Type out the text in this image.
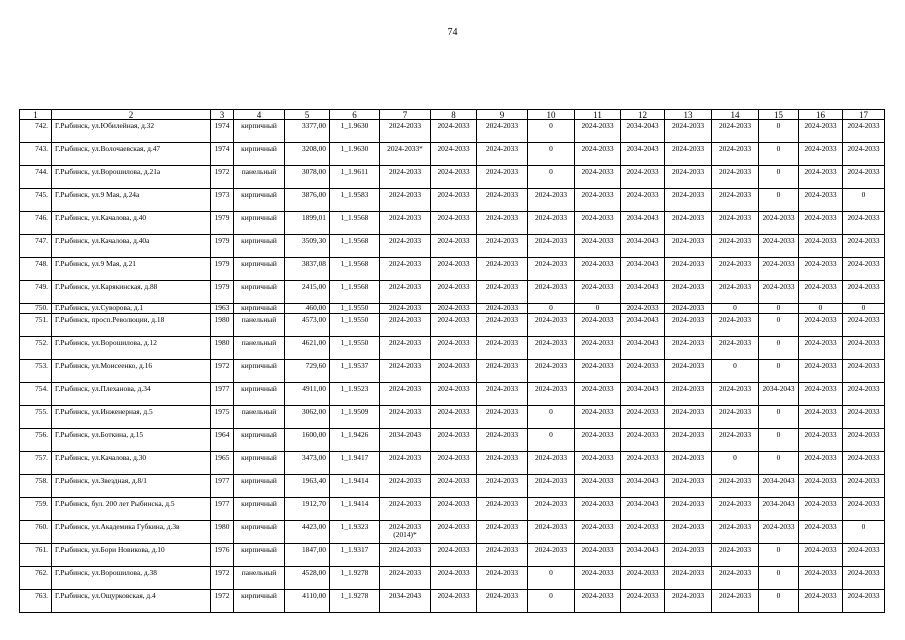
74
1	2	3	4	5	6	7	8	9	10	11	12	13	14	15	16	17
742.	Г.Рыбинск, ул.Юбилейная, д.32	1974	кирпичный	3377,00	1_1.9630	2024-2033	2024-2033	2024-2033	0	2024-2033	2034-2043	2024-2033	2024-2033	0	2024-2033	2024-2033
743.	Г.Рыбинск, ул.Волочаевская, д.47	1974	кирпичный	3208,00	1_1.9630	2024-2033*	2024-2033	2024-2033	0	2024-2033	2034-2043	2024-2033	2024-2033	0	2024-2033	2024-2033
744.	Г.Рыбинск, ул.Ворошилова, д.21а	1972	панельный	3078,00	1_1.9611	2024-2033	2024-2033	2024-2033	0	2024-2033	2024-2033	2024-2033	2024-2033	0	2024-2033	2024-2033
745.	Г.Рыбинск, ул.9 Мая, д.24а	1973	кирпичный	3876,00	1_1.9583	2024-2033	2024-2033	2024-2033	2024-2033	2024-2033	2024-2033	2024-2033	2024-2033	0	2024-2033	0
746.	Г.Рыбинск, ул.Качалова, д.40	1979	кирпичный	1899,01	1_1.9568	2024-2033	2024-2033	2024-2033	2024-2033	2024-2033	2034-2043	2024-2033	2024-2033	2024-2033	2024-2033	2024-2033
747.	Г.Рыбинск, ул.Качалова, д.40а	1979	кирпичный	3509,30	1_1.9568	2024-2033	2024-2033	2024-2033	2024-2033	2024-2033	2034-2043	2024-2033	2024-2033	2024-2033	2024-2033	2024-2033
748.	Г.Рыбинск, ул.9 Мая, д.21	1979	кирпичный	3837,08	1_1.9568	2024-2033	2024-2033	2024-2033	2024-2033	2024-2033	2034-2043	2024-2033	2024-2033	2024-2033	2024-2033	2024-2033
749.	Г.Рыбинск, ул.Карякинская, д.88	1979	кирпичный	2415,00	1_1.9568	2024-2033	2024-2033	2024-2033	2024-2033	2024-2033	2034-2043	2024-2033	2024-2033	2024-2033	2024-2033	2024-2033
750.	Г.Рыбинск, ул.Суворова, д.1	1963	кирпичный	460,00	1_1.9550	2024-2033	2024-2033	2024-2033	0	0	2024-2033	2024-2033	0	0	0	0
751.	Г.Рыбинск, просп.Революции, д.18	1980	панельный	4573,00	1_1.9550	2024-2033	2024-2033	2024-2033	2024-2033	2024-2033	2034-2043	2024-2033	2024-2033	0	2024-2033	2024-2033
752.	Г.Рыбинск, ул.Ворошилова, д.12	1980	панельный	4621,00	1_1.9550	2024-2033	2024-2033	2024-2033	2024-2033	2024-2033	2034-2043	2024-2033	2024-2033	0	2024-2033	2024-2033
753.	Г.Рыбинск, ул.Моисеенко, д.16	1972	кирпичный	729,60	1_1.9537	2024-2033	2024-2033	2024-2033	2024-2033	2024-2033	2024-2033	2024-2033	0	0	2024-2033	2024-2033
754.	Г.Рыбинск, ул.Плеханова, д.34	1977	кирпичный	4911,00	1_1.9523	2024-2033	2024-2033	2024-2033	2024-2033	2024-2033	2034-2043	2024-2033	2024-2033	2034-2043	2024-2033	2024-2033
755.	Г.Рыбинск, ул.Инженерная, д.5	1975	панельный	3062,00	1_1.9509	2024-2033	2024-2033	2024-2033	0	2024-2033	2024-2033	2024-2033	2024-2033	0	2024-2033	2024-2033
756.	Г.Рыбинск, ул.Боткина, д.15	1964	кирпичный	1600,00	1_1.9426	2034-2043	2024-2033	2024-2033	0	2024-2033	2024-2033	2024-2033	2024-2033	0	2024-2033	2024-2033
757.	Г.Рыбинск, ул.Качалова, д.30	1965	кирпичный	3473,00	1_1.9417	2024-2033	2024-2033	2024-2033	2024-2033	2024-2033	2024-2033	2024-2033	0	0	2024-2033	2024-2033
758.	Г.Рыбинск, ул.Звездная, д.8/1	1977	кирпичный	1963,40	1_1.9414	2024-2033	2024-2033	2024-2033	2024-2033	2024-2033	2034-2043	2024-2033	2024-2033	2034-2043	2024-2033	2024-2033
759.	Г.Рыбинск, бул. 200 лет Рыбинска, д.5	1977	кирпичный	1912,70	1_1.9414	2024-2033	2024-2033	2024-2033	2024-2033	2024-2033	2034-2043	2024-2033	2024-2033	2034-2043	2024-2033	2024-2033
760.	Г.Рыбинск, ул.Академика Губкина, д.3в	1980	кирпичный	4423,00	1_1.9323	2024-2033 (2014)*	2024-2033	2024-2033	2024-2033	2024-2033	2024-2033	2024-2033	2024-2033	2024-2033	2024-2033	0
761.	Г.Рыбинск, ул.Бори Новикова, д.10	1976	кирпичный	1847,00	1_1.9317	2024-2033	2024-2033	2024-2033	2024-2033	2024-2033	2034-2043	2024-2033	2024-2033	0	2024-2033	2024-2033
762.	Г.Рыбинск, ул.Ворошилова, д.38	1972	панельный	4528,00	1_1.9278	2024-2033	2024-2033	2024-2033	0	2024-2033	2024-2033	2024-2033	2024-2033	0	2024-2033	2024-2033
763.	Г.Рыбинск, ул.Ощурковская, д.4	1972	кирпичный	4110,00	1_1.9278	2034-2043	2024-2033	2024-2033	0	2024-2033	2024-2033	2024-2033	2024-2033	0	2024-2033	2024-2033
